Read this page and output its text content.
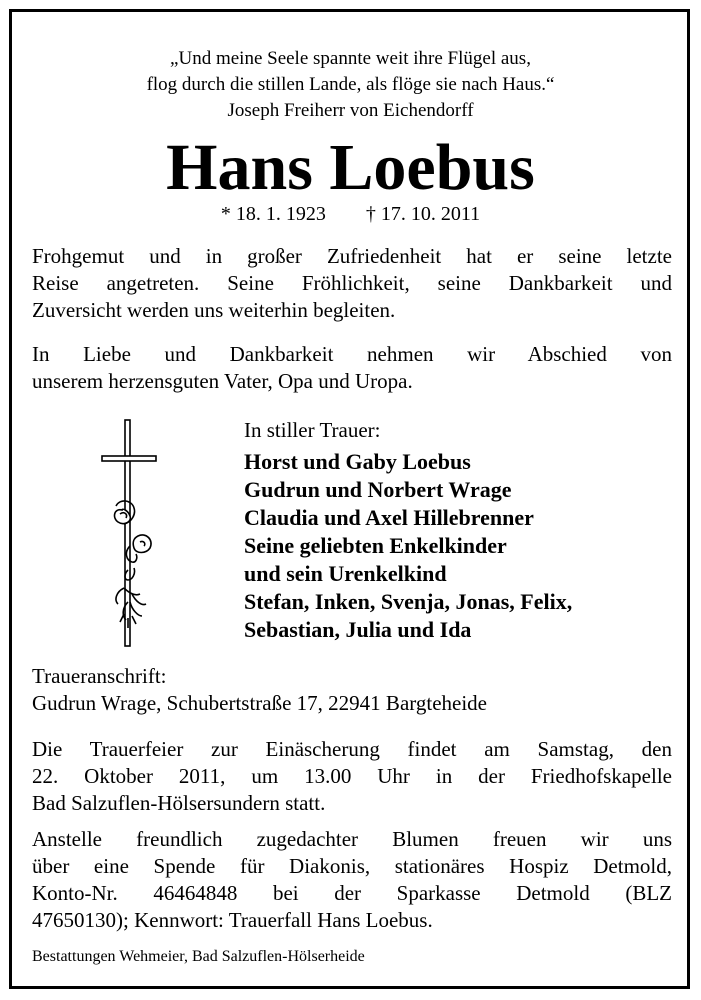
„Und meine Seele spannte weit ihre Flügel aus,
flog durch die stillen Lande, als flöge sie nach Haus.“
Joseph Freiherr von Eichendorff
Hans Loebus
* 18. 1. 1923 † 17. 10. 2011
Frohgemut und in großer Zufriedenheit hat er seine letzte
Reise angetreten. Seine Fröhlichkeit, seine Dankbarkeit und
Zuversicht werden uns weiterhin begleiten.
In Liebe und Dankbarkeit nehmen wir Abschied von
unserem herzensguten Vater, Opa und Uropa.
In stiller Trauer:
Horst und Gaby Loebus
Gudrun und Norbert Wrage
Claudia und Axel Hillebrenner
Seine geliebten Enkelkinder
und sein Urenkelkind
Stefan, Inken, Svenja, Jonas, Felix,
Sebastian, Julia und Ida
Traueranschrift:
Gudrun Wrage, Schubertstraße 17, 22941 Bargteheide
Die Trauerfeier zur Einäscherung findet am Samstag, den
22. Oktober 2011, um 13.00 Uhr in der Friedhofskapelle
Bad Salzuflen-Hölsersundern statt.
Anstelle freundlich zugedachter Blumen freuen wir uns
über eine Spende für Diakonis, stationäres Hospiz Detmold,
Konto-Nr. 46464848 bei der Sparkasse Detmold (BLZ
47650130); Kennwort: Trauerfall Hans Loebus.
Bestattungen Wehmeier, Bad Salzuflen-Hölserheide
